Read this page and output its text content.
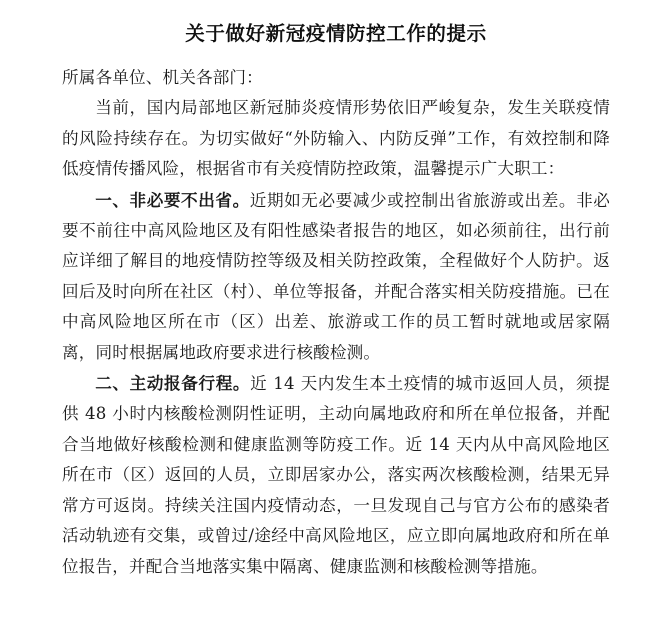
关于做好新冠疫情防控工作的提示

所属各单位、机关各部门：

当前，国内局部地区新冠肺炎疫情形势依旧严峻复杂，发生关联疫情的风险持续存在。为切实做好“外防输入、内防反弹”工作，有效控制和降低疫情传播风险，根据省市有关疫情防控政策，温馨提示广大职工：

一、非必要不出省。近期如无必要减少或控制出省旅游或出差。非必要不前往中高风险地区及有阳性感染者报告的地区，如必须前往，出行前应详细了解目的地疫情防控等级及相关防控政策，全程做好个人防护。返回后及时向所在社区（村）、单位等报备，并配合落实相关防疫措施。已在中高风险地区所在市（区）出差、旅游或工作的员工暂时就地或居家隔离，同时根据属地政府要求进行核酸检测。

二、主动报备行程。近 14 天内发生本土疫情的城市返回人员，须提供 48 小时内核酸检测阴性证明，主动向属地政府和所在单位报备，并配合当地做好核酸检测和健康监测等防疫工作。近 14 天内从中高风险地区所在市（区）返回的人员，立即居家办公，落实两次核酸检测，结果无异常方可返岗。持续关注国内疫情动态，一旦发现自己与官方公布的感染者活动轨迹有交集，或曾过/途经中高风险地区，应立即向属地政府和所在单位报告，并配合当地落实集中隔离、健康监测和核酸检测等措施。
